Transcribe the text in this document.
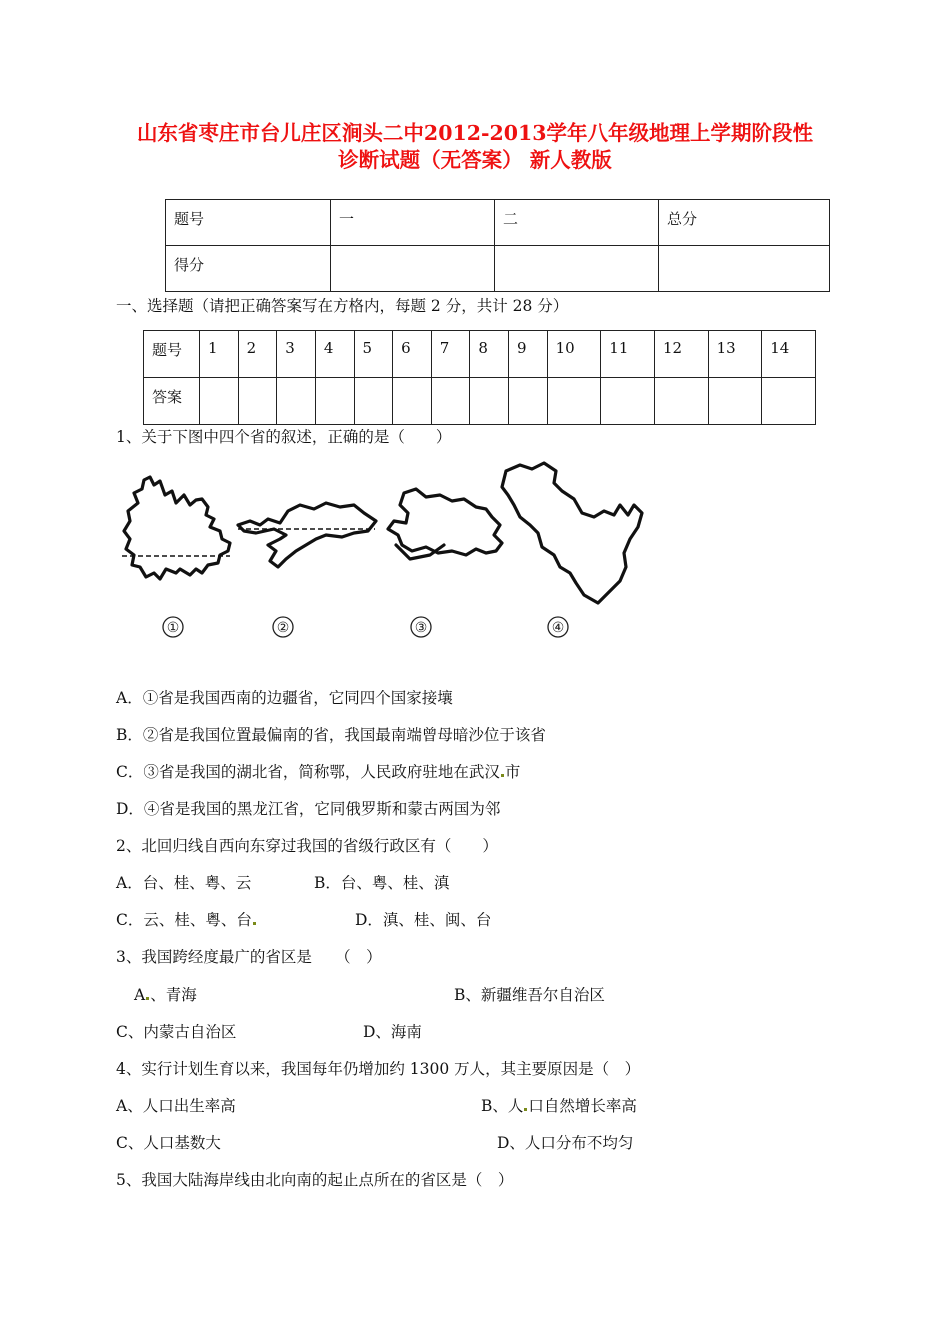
山东省枣庄市台儿庄区涧头二中2012-2013学年八年级地理上学期阶段性
诊断试题（无答案） 新人教版
题号	一	二	总分
得分			
一、选择题（请把正确答案写在方格内，每题 2 分，共计 28 分）
题号	1	2	3	4	5	6	7	8	9	10	11	12	13	14
答案														
1、关于下图中四个省的叙述，正确的是（　　）
①	②	③	④
A．①省是我国西南的边疆省，它同四个国家接壤
B．②省是我国位置最偏南的省，我国最南端曾母暗沙位于该省
C．③省是我国的湖北省，简称鄂，人民政府驻地在武汉 市
D．④省是我国的黑龙江省，它同俄罗斯和蒙古两国为邻
2、北回归线自西向东穿过我国的省级行政区有（　　）
A．台、桂、粤、云	B．台、粤、桂、滇
C．云、桂、粤、台	D．滇、桂、闽、台
3、我国跨经度最广的省区是　　（　）
A 、青海	B、新疆维吾尔自治区
C、内蒙古自治区	D、海南
4、实行计划生育以来，我国每年仍增加约 1300 万人，其主要原因是（　）
A、人口出生率高	B、人 口自然增长率高
C、人口基数大	D、人口分布不均匀
5、我国大陆海岸线由北向南的起止点所在的省区是（　）
